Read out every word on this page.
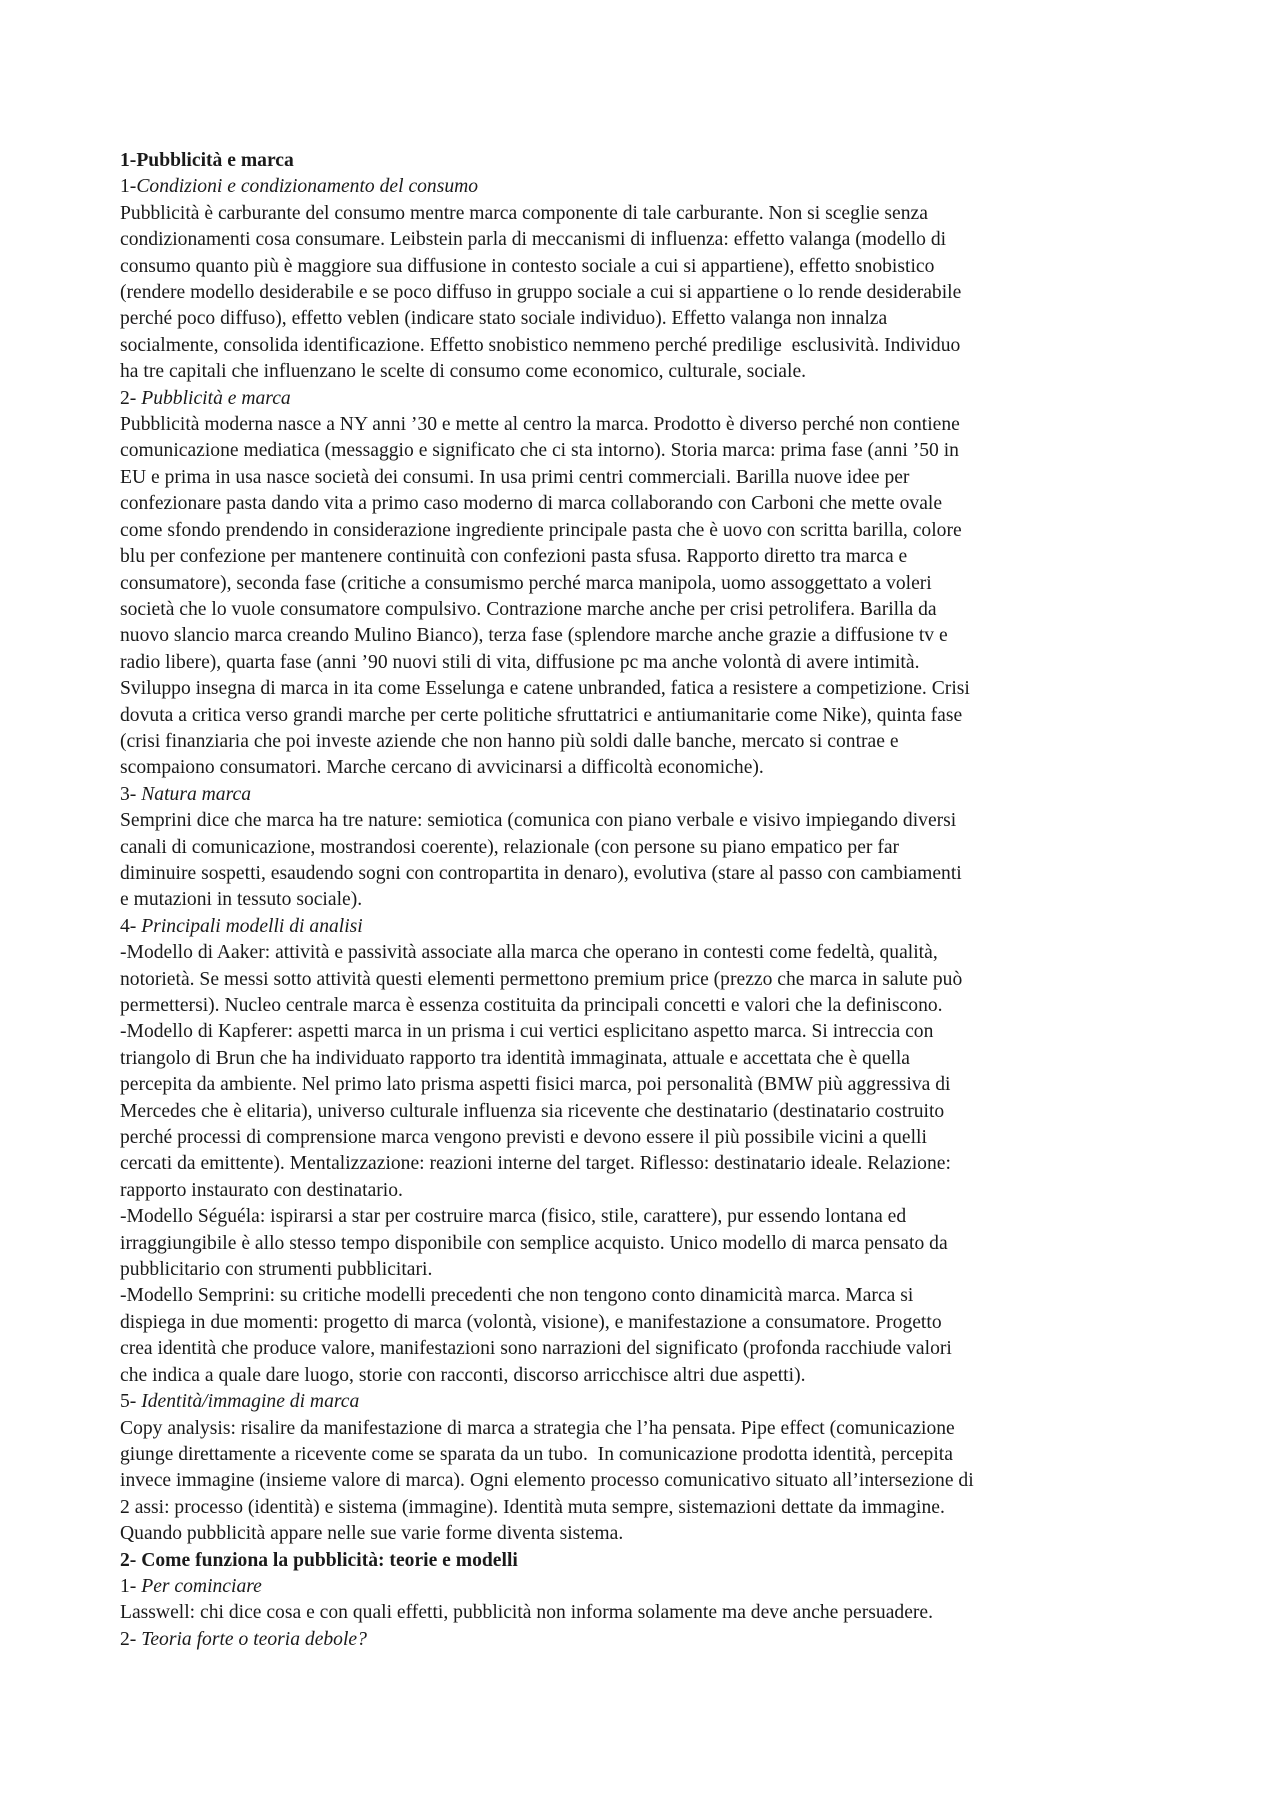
1-Pubblicità e marca
1-Condizioni e condizionamento del consumo
Pubblicità è carburante del consumo mentre marca componente di tale carburante. Non si sceglie senza
condizionamenti cosa consumare. Leibstein parla di meccanismi di influenza: effetto valanga (modello di
consumo quanto più è maggiore sua diffusione in contesto sociale a cui si appartiene), effetto snobistico
(rendere modello desiderabile e se poco diffuso in gruppo sociale a cui si appartiene o lo rende desiderabile
perché poco diffuso), effetto veblen (indicare stato sociale individuo). Effetto valanga non innalza
socialmente, consolida identificazione. Effetto snobistico nemmeno perché predilige  esclusività. Individuo
ha tre capitali che influenzano le scelte di consumo come economico, culturale, sociale.
2- Pubblicità e marca
Pubblicità moderna nasce a NY anni ’30 e mette al centro la marca. Prodotto è diverso perché non contiene
comunicazione mediatica (messaggio e significato che ci sta intorno). Storia marca: prima fase (anni ’50 in
EU e prima in usa nasce società dei consumi. In usa primi centri commerciali. Barilla nuove idee per
confezionare pasta dando vita a primo caso moderno di marca collaborando con Carboni che mette ovale
come sfondo prendendo in considerazione ingrediente principale pasta che è uovo con scritta barilla, colore
blu per confezione per mantenere continuità con confezioni pasta sfusa. Rapporto diretto tra marca e
consumatore), seconda fase (critiche a consumismo perché marca manipola, uomo assoggettato a voleri
società che lo vuole consumatore compulsivo. Contrazione marche anche per crisi petrolifera. Barilla da
nuovo slancio marca creando Mulino Bianco), terza fase (splendore marche anche grazie a diffusione tv e
radio libere), quarta fase (anni ’90 nuovi stili di vita, diffusione pc ma anche volontà di avere intimità.
Sviluppo insegna di marca in ita come Esselunga e catene unbranded, fatica a resistere a competizione. Crisi
dovuta a critica verso grandi marche per certe politiche sfruttatrici e antiumanitarie come Nike), quinta fase
(crisi finanziaria che poi investe aziende che non hanno più soldi dalle banche, mercato si contrae e
scompaiono consumatori. Marche cercano di avvicinarsi a difficoltà economiche).
3- Natura marca
Semprini dice che marca ha tre nature: semiotica (comunica con piano verbale e visivo impiegando diversi
canali di comunicazione, mostrandosi coerente), relazionale (con persone su piano empatico per far
diminuire sospetti, esaudendo sogni con contropartita in denaro), evolutiva (stare al passo con cambiamenti
e mutazioni in tessuto sociale).
4- Principali modelli di analisi
-Modello di Aaker: attività e passività associate alla marca che operano in contesti come fedeltà, qualità,
notorietà. Se messi sotto attività questi elementi permettono premium price (prezzo che marca in salute può
permettersi). Nucleo centrale marca è essenza costituita da principali concetti e valori che la definiscono.
-Modello di Kapferer: aspetti marca in un prisma i cui vertici esplicitano aspetto marca. Si intreccia con
triangolo di Brun che ha individuato rapporto tra identità immaginata, attuale e accettata che è quella
percepita da ambiente. Nel primo lato prisma aspetti fisici marca, poi personalità (BMW più aggressiva di
Mercedes che è elitaria), universo culturale influenza sia ricevente che destinatario (destinatario costruito
perché processi di comprensione marca vengono previsti e devono essere il più possibile vicini a quelli
cercati da emittente). Mentalizzazione: reazioni interne del target. Riflesso: destinatario ideale. Relazione:
rapporto instaurato con destinatario.
-Modello Séguéla: ispirarsi a star per costruire marca (fisico, stile, carattere), pur essendo lontana ed
irraggiungibile è allo stesso tempo disponibile con semplice acquisto. Unico modello di marca pensato da
pubblicitario con strumenti pubblicitari.
-Modello Semprini: su critiche modelli precedenti che non tengono conto dinamicità marca. Marca si
dispiega in due momenti: progetto di marca (volontà, visione), e manifestazione a consumatore. Progetto
crea identità che produce valore, manifestazioni sono narrazioni del significato (profonda racchiude valori
che indica a quale dare luogo, storie con racconti, discorso arricchisce altri due aspetti).
5- Identità/immagine di marca
Copy analysis: risalire da manifestazione di marca a strategia che l’ha pensata. Pipe effect (comunicazione
giunge direttamente a ricevente come se sparata da un tubo.  In comunicazione prodotta identità, percepita
invece immagine (insieme valore di marca). Ogni elemento processo comunicativo situato all’intersezione di
2 assi: processo (identità) e sistema (immagine). Identità muta sempre, sistemazioni dettate da immagine.
Quando pubblicità appare nelle sue varie forme diventa sistema.
2- Come funziona la pubblicità: teorie e modelli
1- Per cominciare
Lasswell: chi dice cosa e con quali effetti, pubblicità non informa solamente ma deve anche persuadere.
2- Teoria forte o teoria debole?
